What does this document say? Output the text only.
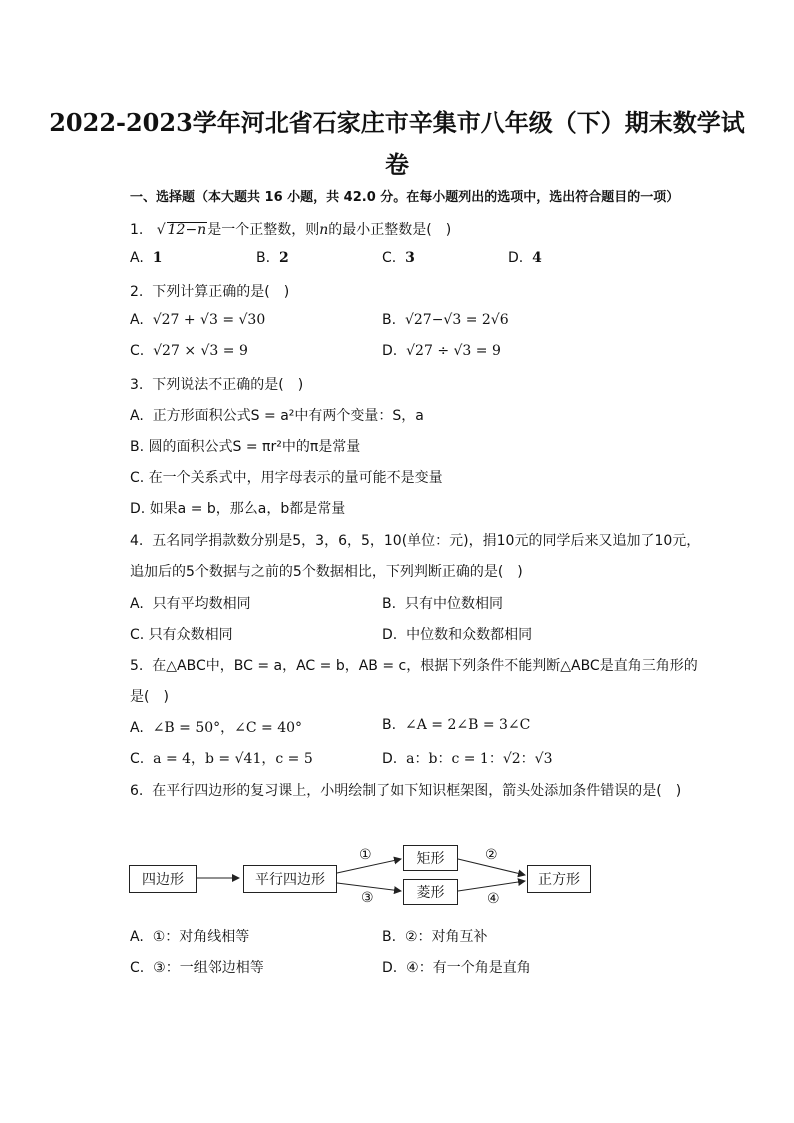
2022-2023学年河北省石家庄市辛集市八年级（下）期末数学试
卷
一、选择题（本大题共 16 小题，共 42.0 分。在每小题列出的选项中，选出符合题目的一项）
1. √ 12−n是一个正整数，则n的最小正整数是(　)
A. 1	B. 2	C. 3	D. 4
2. 下列计算正确的是(　)
A. √27 + √3 = √30	B. √27−√3 = 2√6
C. √27 × √3 = 9	D. √27 ÷ √3 = 9
3. 下列说法不正确的是(　)
A. 正方形面积公式S = a²中有两个变量：S，a
B. 圆的面积公式S = πr²中的π是常量
C. 在一个关系式中，用字母表示的量可能不是变量
D. 如果a = b，那么a，b都是常量
4. 五名同学捐款数分别是5，3，6，5，10(单位：元)，捐10元的同学后来又追加了10元，
追加后的5个数据与之前的5个数据相比，下列判断正确的是(　)
A. 只有平均数相同	B. 只有中位数相同
C. 只有众数相同	D. 中位数和众数都相同
5. 在△ABC中，BC = a，AC = b，AB = c，根据下列条件不能判断△ABC是直角三角形的
是(　)
A. ∠B = 50°，∠C = 40°	B. ∠A = 2∠B = 3∠C
C. a = 4，b = √41，c = 5	D. a：b：c = 1：√2：√3
6. 在平行四边形的复习课上，小明绘制了如下知识框架图，箭头处添加条件错误的是(　)
四边形	平行四边形
矩形
菱形
正方形
①	②
③	④
A. ①：对角线相等	B. ②：对角互补
C. ③：一组邻边相等	D. ④：有一个角是直角
